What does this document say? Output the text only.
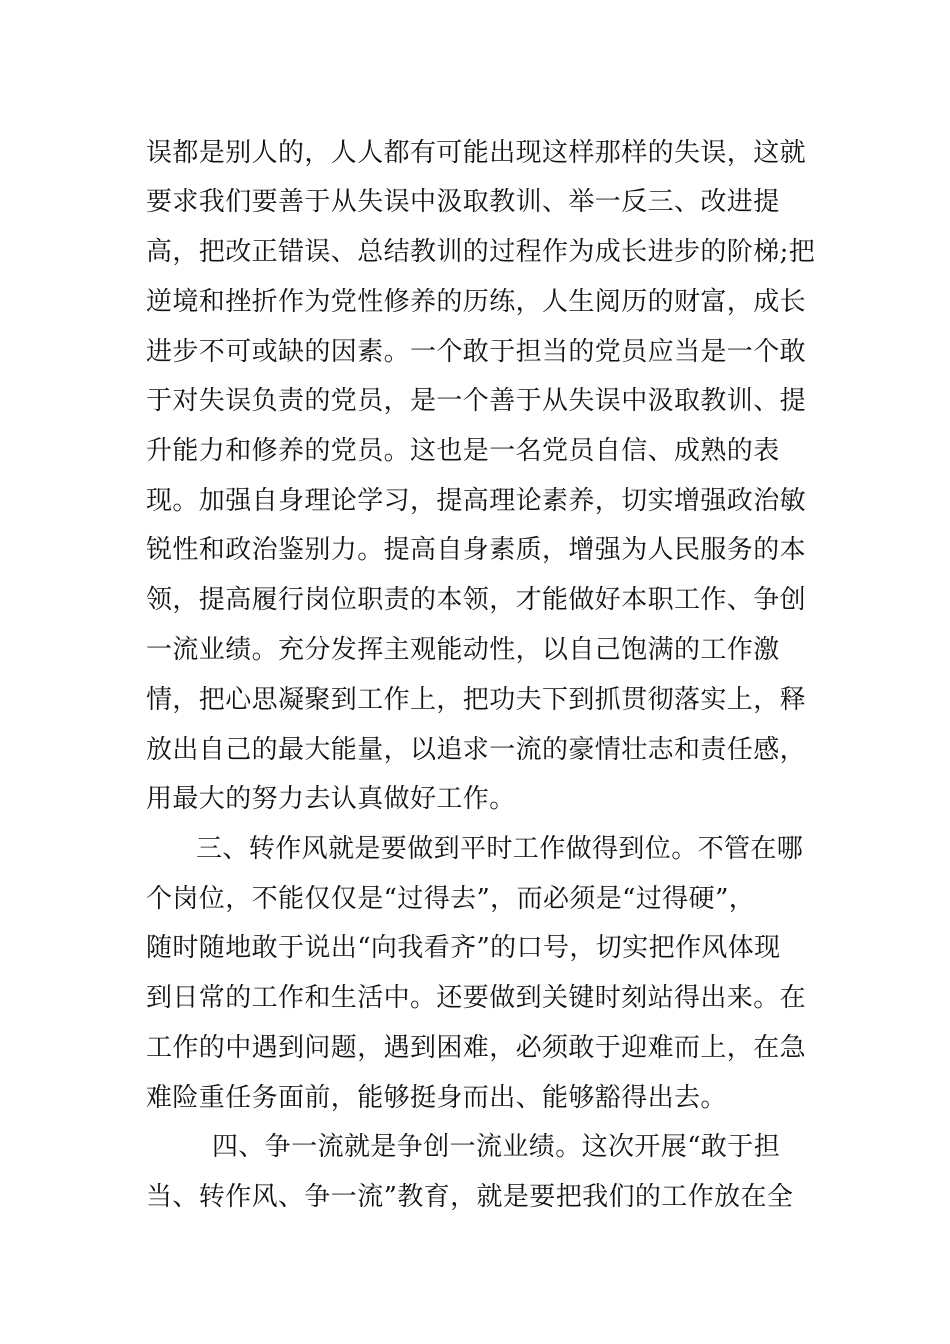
误都是别人的，人人都有可能出现这样那样的失误，这就
要求我们要善于从失误中汲取教训、举一反三、改进提
高，把改正错误、总结教训的过程作为成长进步的阶梯;把
逆境和挫折作为党性修养的历练，人生阅历的财富，成长
进步不可或缺的因素。一个敢于担当的党员应当是一个敢
于对失误负责的党员，是一个善于从失误中汲取教训、提
升能力和修养的党员。这也是一名党员自信、成熟的表
现。加强自身理论学习，提高理论素养，切实增强政治敏
锐性和政治鉴别力。提高自身素质，增强为人民服务的本
领，提高履行岗位职责的本领，才能做好本职工作、争创
一流业绩。充分发挥主观能动性，以自己饱满的工作激
情，把心思凝聚到工作上，把功夫下到抓贯彻落实上，释
放出自己的最大能量，以追求一流的豪情壮志和责任感，
用最大的努力去认真做好工作。
三、转作风就是要做到平时工作做得到位。不管在哪
个岗位，不能仅仅是“过得去”，而必须是“过得硬”，
随时随地敢于说出“向我看齐”的口号，切实把作风体现
到日常的工作和生活中。还要做到关键时刻站得出来。在
工作的中遇到问题，遇到困难，必须敢于迎难而上，在急
难险重任务面前，能够挺身而出、能够豁得出去。
四、争一流就是争创一流业绩。这次开展“敢于担
当、转作风、争一流”教育，就是要把我们的工作放在全
